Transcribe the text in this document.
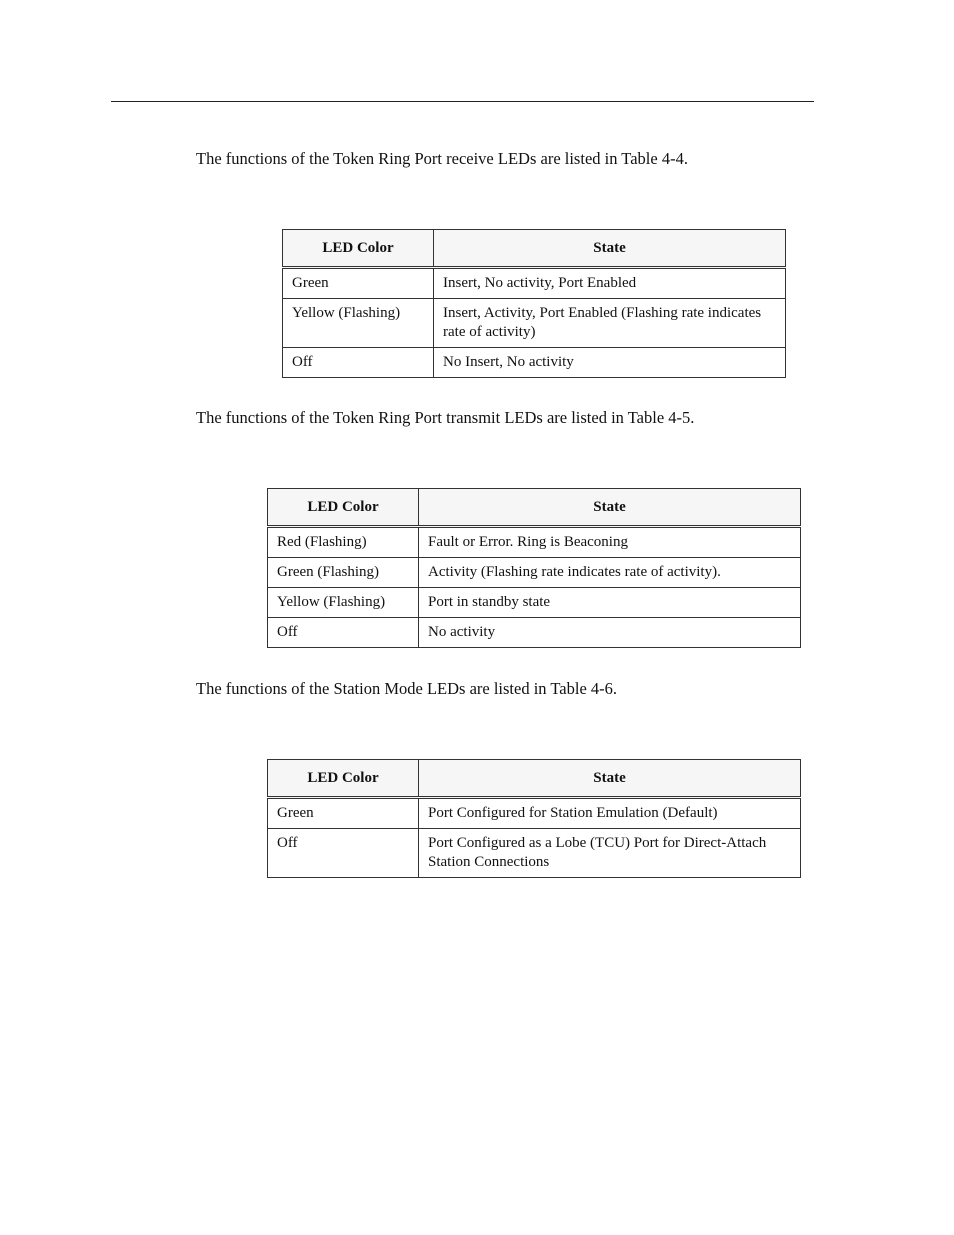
The functions of the Token Ring Port receive LEDs are listed in Table 4-4.

LED Color	State
Green	Insert, No activity, Port Enabled
Yellow (Flashing)	Insert, Activity, Port Enabled (Flashing rate indicates rate of activity)
Off	No Insert, No activity

The functions of the Token Ring Port transmit LEDs are listed in Table 4-5.

LED Color	State
Red (Flashing)	Fault or Error. Ring is Beaconing
Green (Flashing)	Activity (Flashing rate indicates rate of activity).
Yellow (Flashing)	Port in standby state
Off	No activity

The functions of the Station Mode LEDs are listed in Table 4-6.

LED Color	State
Green	Port Configured for Station Emulation (Default)
Off	Port Configured as a Lobe (TCU) Port for Direct-Attach Station Connections
